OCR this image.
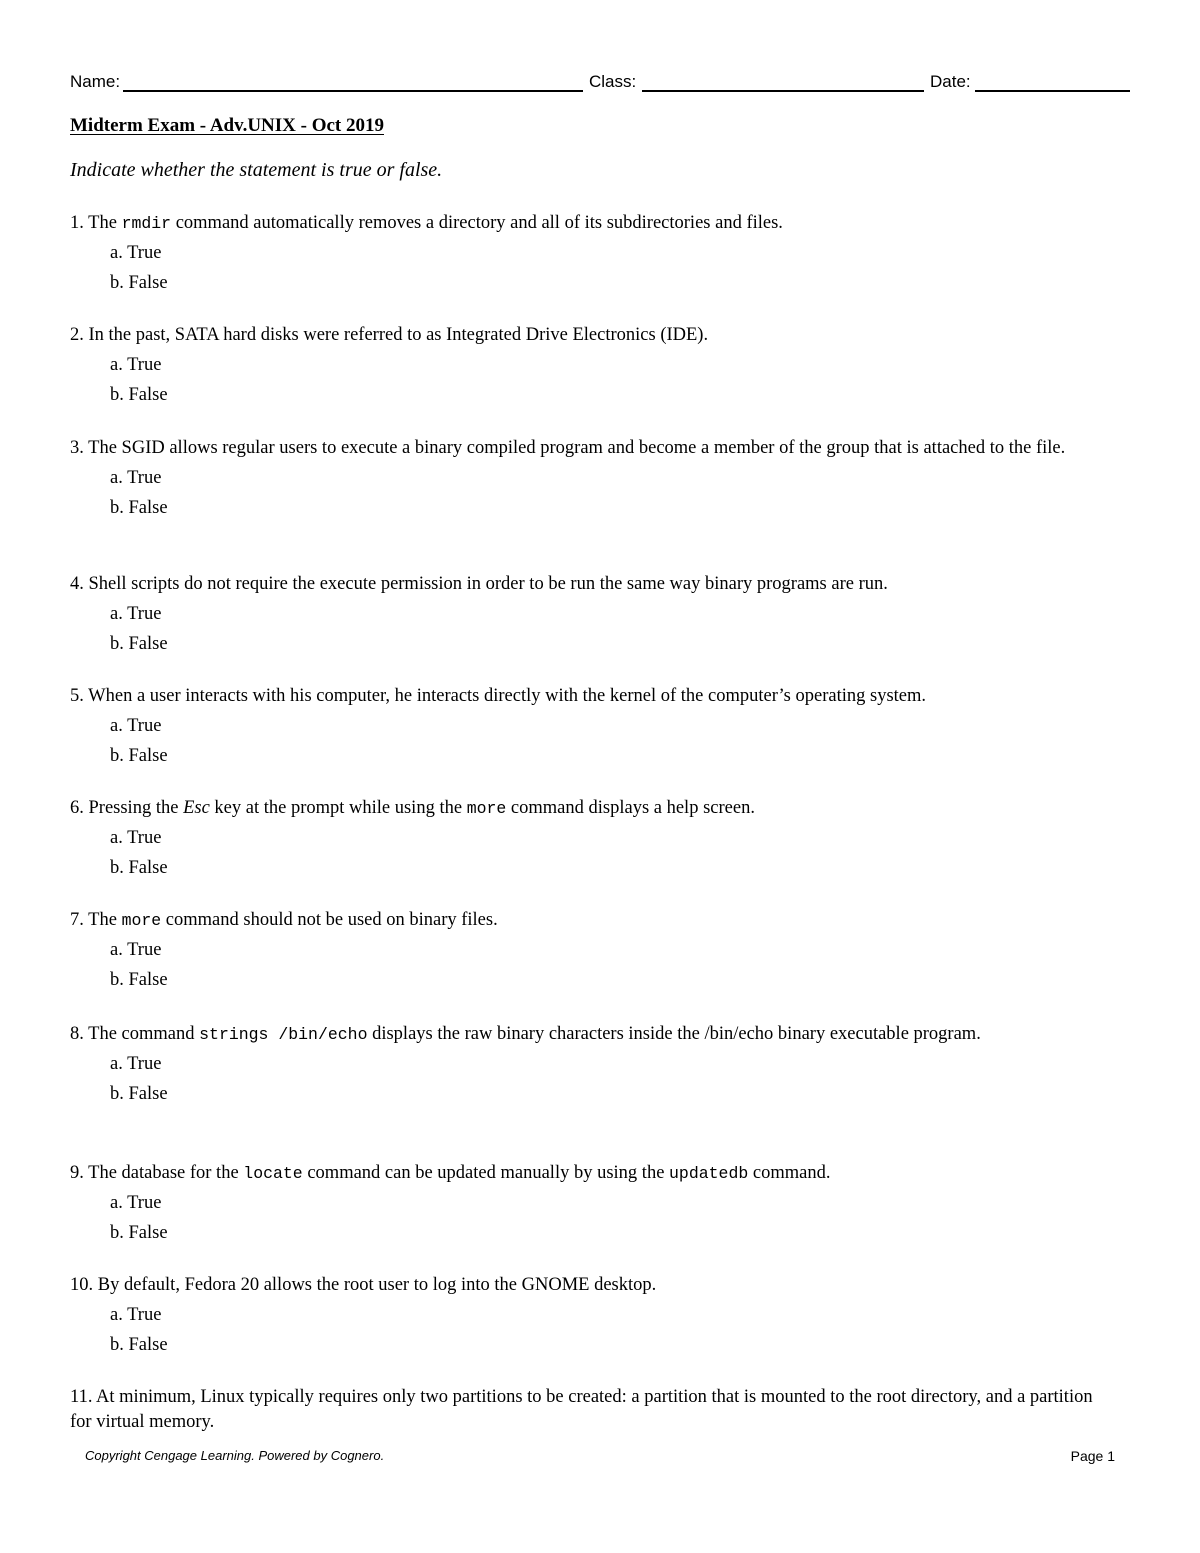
Name:	Class:	Date:
Midterm Exam - Adv.UNIX - Oct 2019
Indicate whether the statement is true or false.

1. The rmdir command automatically removes a directory and all of its subdirectories and files.

a. True
b. False

2. In the past, SATA hard disks were referred to as Integrated Drive Electronics (IDE).

a. True
b. False

3. The SGID allows regular users to execute a binary compiled program and become a member of the group that is attached to the file.

a. True
b. False

4. Shell scripts do not require the execute permission in order to be run the same way binary programs are run.

a. True
b. False

5. When a user interacts with his computer, he interacts directly with the kernel of the computer’s operating system.

a. True
b. False

6. Pressing the Esc key at the prompt while using the more command displays a help screen.

a. True
b. False

7. The more command should not be used on binary files.

a. True
b. False

8. The command strings /bin/echo displays the raw binary characters inside the /bin/echo binary executable program.

a. True
b. False

9. The database for the locate command can be updated manually by using the updatedb command.

a. True
b. False

10. By default, Fedora 20 allows the root user to log into the GNOME desktop.

a. True
b. False

11. At minimum, Linux typically requires only two partitions to be created: a partition that is mounted to the root directory, and a partition for virtual memory.

Copyright Cengage Learning. Powered by Cognero.	Page 1
